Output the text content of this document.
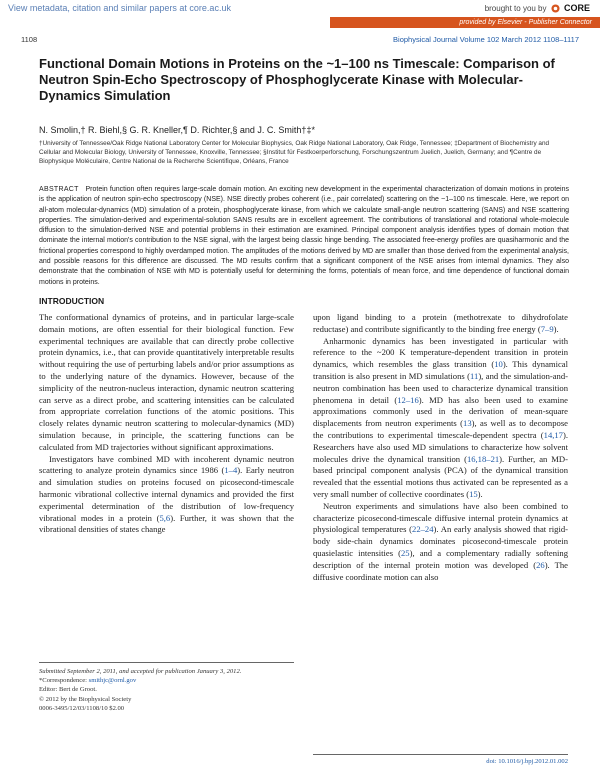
View metadata, citation and similar papers at core.ac.uk	brought to you by CORE
provided by Elsevier - Publisher Connector
1108	Biophysical Journal Volume 102 March 2012 1108–1117
Functional Domain Motions in Proteins on the ~1–100 ns Timescale: Comparison of Neutron Spin-Echo Spectroscopy of Phosphoglycerate Kinase with Molecular-Dynamics Simulation
N. Smolin,† R. Biehl,§ G. R. Kneller,¶ D. Richter,§ and J. C. Smith†‡*
†University of Tennessee/Oak Ridge National Laboratory Center for Molecular Biophysics, Oak Ridge National Laboratory, Oak Ridge, Tennessee; ‡Department of Biochemistry and Cellular and Molecular Biology, University of Tennessee, Knoxville, Tennessee; §Institut für Festkoerperforschung, Forschungszentrum Juelich, Juelich, Germany; and ¶Centre de Biophysique Moléculaire, Centre National de la Recherche Scientifique, Orléans, France
ABSTRACT Protein function often requires large-scale domain motion. An exciting new development in the experimental characterization of domain motions in proteins is the application of neutron spin-echo spectroscopy (NSE). NSE directly probes coherent (i.e., pair correlated) scattering on the ~1–100 ns timescale. Here, we report on all-atom molecular-dynamics (MD) simulation of a protein, phosphoglycerate kinase, from which we calculate small-angle neutron scattering (SANS) and NSE scattering properties. The simulation-derived and experimental-solution SANS results are in excellent agreement. The contributions of translational and rotational whole-molecule diffusion to the simulation-derived NSE and potential problems in their estimation are examined. Principal component analysis identifies types of domain motion that dominate the internal motion's contribution to the NSE signal, with the largest being classic hinge bending. The associated free-energy profiles are quasiharmonic and the frictional properties correspond to highly overdamped motion. The amplitudes of the motions derived by MD are smaller than those derived from the experimental analysis, and possible reasons for this difference are discussed. The MD results confirm that a significant component of the NSE arises from internal dynamics. They also demonstrate that the combination of NSE with MD is potentially useful for determining the forms, potentials of mean force, and time dependence of functional domain motions in proteins.
INTRODUCTION

The conformational dynamics of proteins, and in particular large-scale domain motions, are often essential for their biological function. Few experimental techniques are available that can directly probe collective protein dynamics, i.e., that can provide quantitatively interpretable results without requiring the use of perturbing labels and/or prior assumptions as to the underlying nature of the dynamics. However, because of the simplicity of the neutron-nucleus interaction, dynamic neutron scattering can serve as a direct probe, and scattering intensities can be calculated from appropriate correlation functions of the atomic positions. This closely relates dynamic neutron scattering to molecular-dynamics (MD) simulation because, in principle, the scattering functions can be calculated from MD trajectories without significant approximations.

Investigators have combined MD with incoherent dynamic neutron scattering to analyze protein dynamics since 1986 (1–4). Early neutron and simulation studies on proteins focused on picosecond-timescale harmonic vibrational collective internal dynamics and provided the first experimental determination of the distribution of low-frequency vibrational modes in a protein (5,6). Further, it was shown that the vibrational densities of states change

upon ligand binding to a protein (methotrexate to dihydrofolate reductase) and contribute significantly to the binding free energy (7–9).

Anharmonic dynamics has been investigated in particular with reference to the ~200 K temperature-dependent transition in protein dynamics, which resembles the glass transition (10). This dynamical transition is also present in MD simulations (11), and the simulation-and-neutron combination has been used to characterize dynamical transition phenomena in detail (12–16). MD has also been used to examine approximations commonly used in the derivation of mean-square displacements from neutron experiments (13), as well as to decompose the contributions to experimental timescale-dependent spectra (14,17). Researchers have also used MD simulations to characterize how solvent molecules drive the dynamical transition (16,18–21). Further, an MD-based principal component analysis (PCA) of the dynamical transition revealed that the essential motions thus activated can be represented as a very small number of collective coordinates (15).

Neutron experiments and simulations have also been combined to characterize picosecond-timescale diffusive internal protein dynamics at physiological temperatures (22–24). An early analysis showed that rigid-body side-chain dynamics dominates picosecond-timescale protein quasielastic intensities (25), and a complementary radially softening description of the internal protein motion was developed (26). The diffusive coordinate motion can also

Submitted September 2, 2011, and accepted for publication January 3, 2012.
*Correspondence: smithjc@ornl.gov
Editor: Bert de Groot.
© 2012 by the Biophysical Society
0006-3495/12/03/1108/10 $2.00
doi: 10.1016/j.bpj.2012.01.002
